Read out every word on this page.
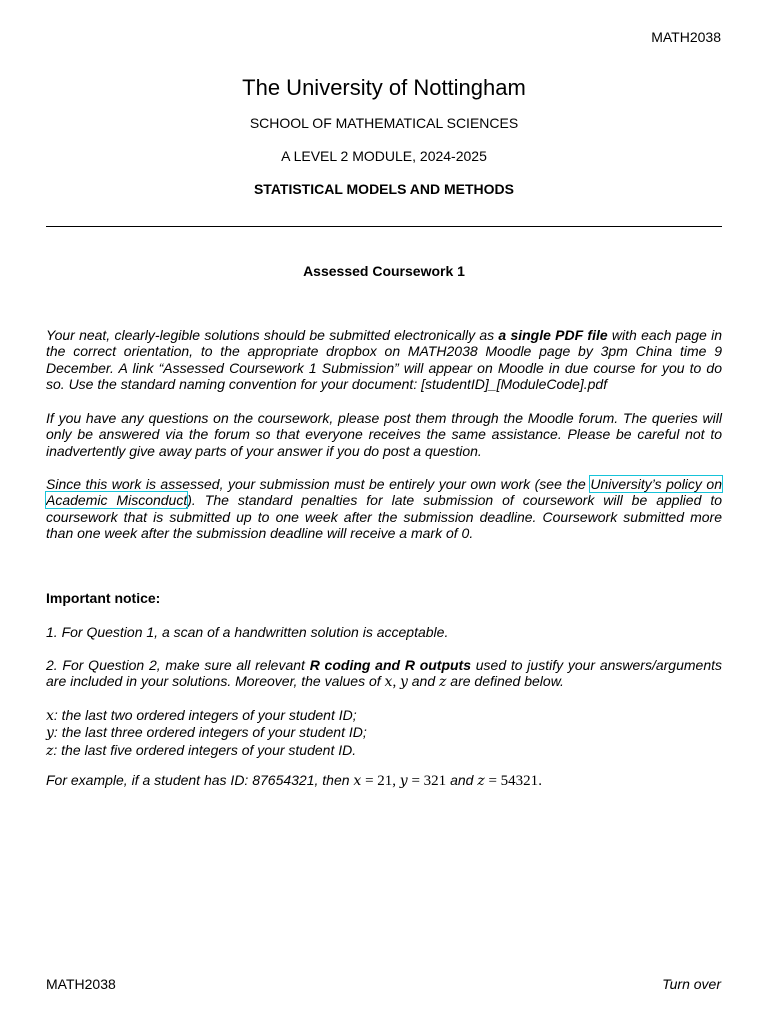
MATH2038
The University of Nottingham
SCHOOL OF MATHEMATICAL SCIENCES
A LEVEL 2 MODULE, 2024-2025
STATISTICAL MODELS AND METHODS
Assessed Coursework 1
Your neat, clearly-legible solutions should be submitted electronically as a single PDF file with each page in the correct orientation, to the appropriate dropbox on MATH2038 Moodle page by 3pm China time 9 December. A link “Assessed Coursework 1 Submission” will appear on Moodle in due course for you to do so. Use the standard naming convention for your document: [studentID]_[ModuleCode].pdf
If you have any questions on the coursework, please post them through the Moodle forum. The queries will only be answered via the forum so that everyone receives the same assistance. Please be careful not to inadvertently give away parts of your answer if you do post a question.
Since this work is assessed, your submission must be entirely your own work (see the University’s policy on Academic Misconduct). The standard penalties for late submission of coursework will be applied to coursework that is submitted up to one week after the submission deadline. Coursework submitted more than one week after the submission deadline will receive a mark of 0.
Important notice:
1. For Question 1, a scan of a handwritten solution is acceptable.
2. For Question 2, make sure all relevant R coding and R outputs used to justify your answers/arguments are included in your solutions. Moreover, the values of x, y and z are defined below.
x: the last two ordered integers of your student ID;
y: the last three ordered integers of your student ID;
z: the last five ordered integers of your student ID.
For example, if a student has ID: 87654321, then x = 21, y = 321 and z = 54321.
MATH2038	Turn over
